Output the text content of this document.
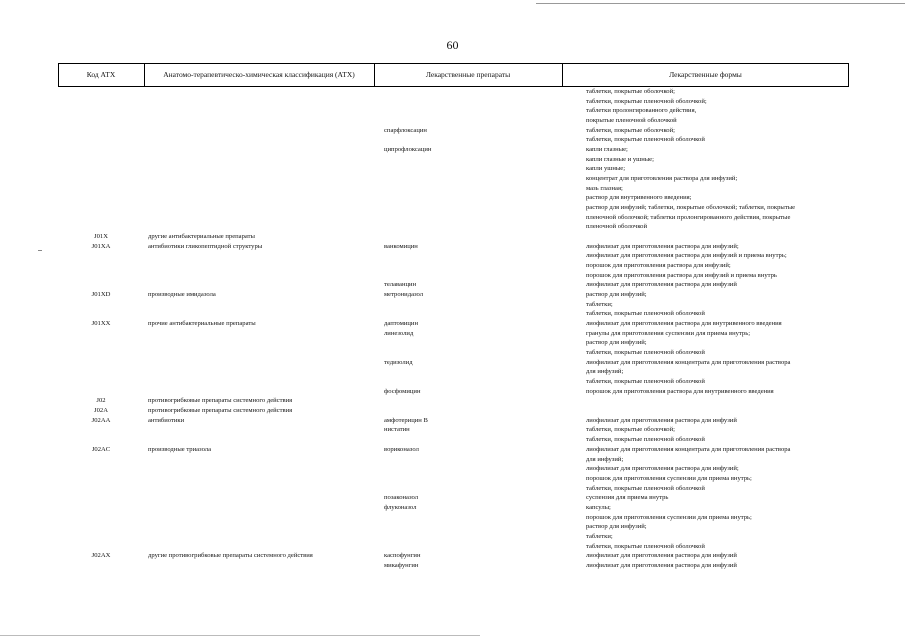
60
Код АТХ	Анатомо-терапевтическо-химическая классификация (АТХ)	Лекарственные препараты	Лекарственные формы
таблетки, покрытые оболочкой;
таблетки, покрытые пленочной оболочкой;
таблетки пролонгированного действия,
покрытые пленочной оболочкой
спарфлоксацин	таблетки, покрытые оболочкой;
таблетки, покрытые пленочной оболочкой
ципрофлоксацин	капли глазные;
капли глазные и ушные;
капли ушные;
концентрат для приготовления раствора для инфузий;
мазь глазная;
раствор для внутривенного введения;
раствор для инфузий; таблетки, покрытые оболочкой; таблетки, покрытые
пленочной оболочкой; таблетки пролонгированного действия, покрытые
пленочной оболочкой
J01X	другие антибактериальные препараты
J01XA	антибиотики гликопептидной структуры	ванкомицин	лиофилизат для приготовления раствора для инфузий;
лиофилизат для приготовления раствора для инфузий и приема внутрь;
порошок для приготовления раствора для инфузий;
порошок для приготовления раствора для инфузий и приема внутрь
телаванцин	лиофилизат для приготовления раствора для инфузий
J01XD	производные имидазола	метронидазол	раствор для инфузий;
таблетки;
таблетки, покрытые пленочной оболочкой
J01XX	прочие антибактериальные препараты	даптомицин	лиофилизат для приготовления раствора для внутривенного введения
линезолид	гранулы для приготовления суспензии для приема внутрь;
раствор для инфузий;
таблетки, покрытые пленочной оболочкой
тедизолид	лиофилизат для приготовления концентрата для приготовления раствора
для инфузий;
таблетки, покрытые пленочной оболочкой
фосфомицин	порошок для приготовления раствора для внутривенного введения
J02	противогрибковые препараты системного действия
J02A	противогрибковые препараты системного действия
J02AA	антибиотики	амфотерицин В	лиофилизат для приготовления раствора для инфузий
нистатин	таблетки, покрытые оболочкой;
таблетки, покрытые пленочной оболочкой
J02AC	производные триазола	вориконазол	лиофилизат для приготовления концентрата для приготовления раствора
для инфузий;
лиофилизат для приготовления раствора для инфузий;
порошок для приготовления суспензии для приема внутрь;
таблетки, покрытые пленочной оболочкой
позаконазол	суспензия для приема внутрь
флуконазол	капсулы;
порошок для приготовления суспензии для приема внутрь;
раствор для инфузий;
таблетки;
таблетки, покрытые пленочной оболочкой
J02AX	другие противогрибковые препараты системного действия	каспофунгин	лиофилизат для приготовления раствора для инфузий
микафунгин	лиофилизат для приготовления раствора для инфузий
